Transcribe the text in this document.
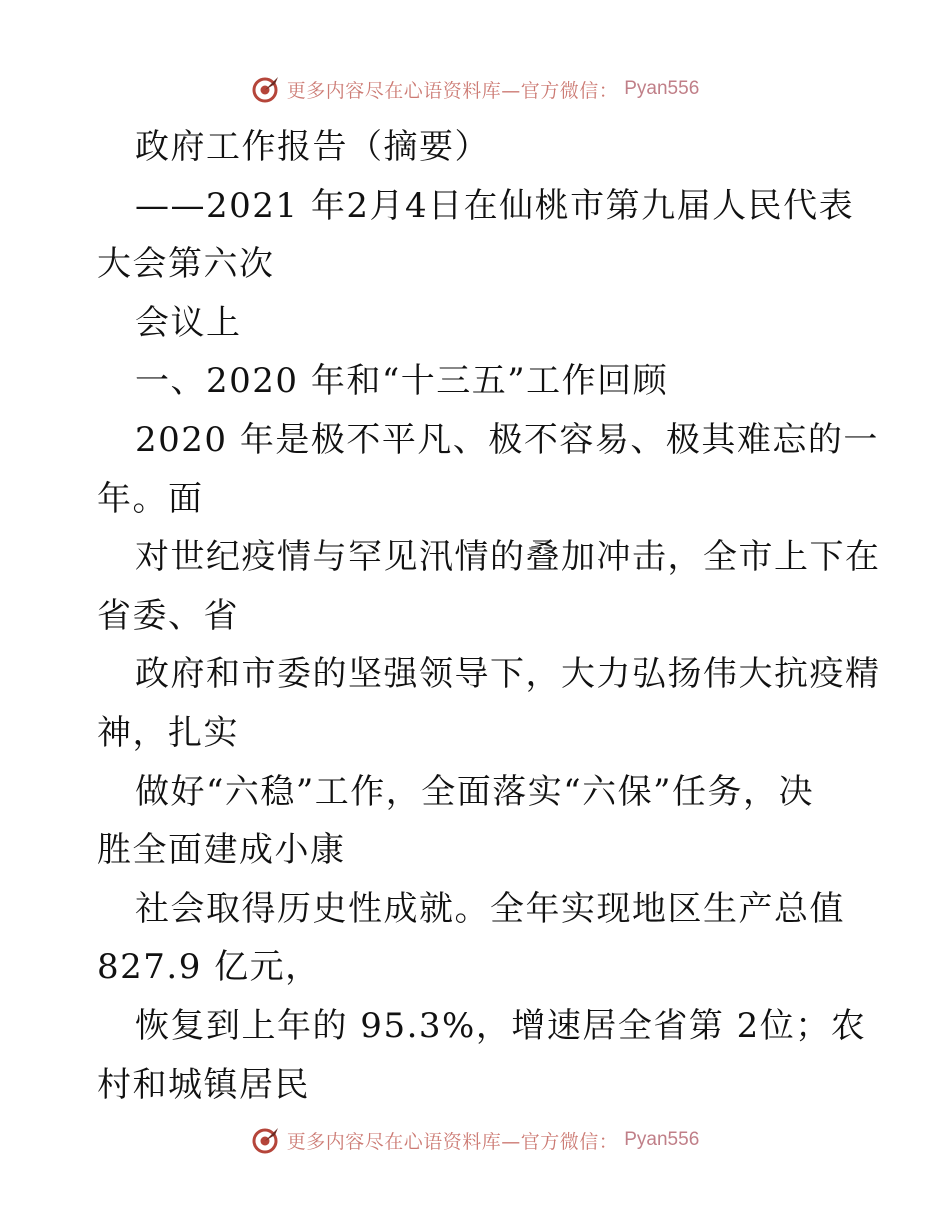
更多内容尽在心语资料库—官方微信： Pyan556
政府工作报告（摘要）
——2021 年2月4日在仙桃市第九届人民代表
大会第六次
会议上
一、2020 年和“十三五”工作回顾
2020 年是极不平凡、极不容易、极其难忘的一
年。面
对世纪疫情与罕见汛情的叠加冲击，全市上下在
省委、省
政府和市委的坚强领导下，大力弘扬伟大抗疫精
神，扎实
做好“六稳”工作，全面落实“六保”任务，决
胜全面建成小康
社会取得历史性成就。全年实现地区生产总值
827.9 亿元，
恢复到上年的 95.3%，增速居全省第 2位；农
村和城镇居民
更多内容尽在心语资料库—官方微信： Pyan556
